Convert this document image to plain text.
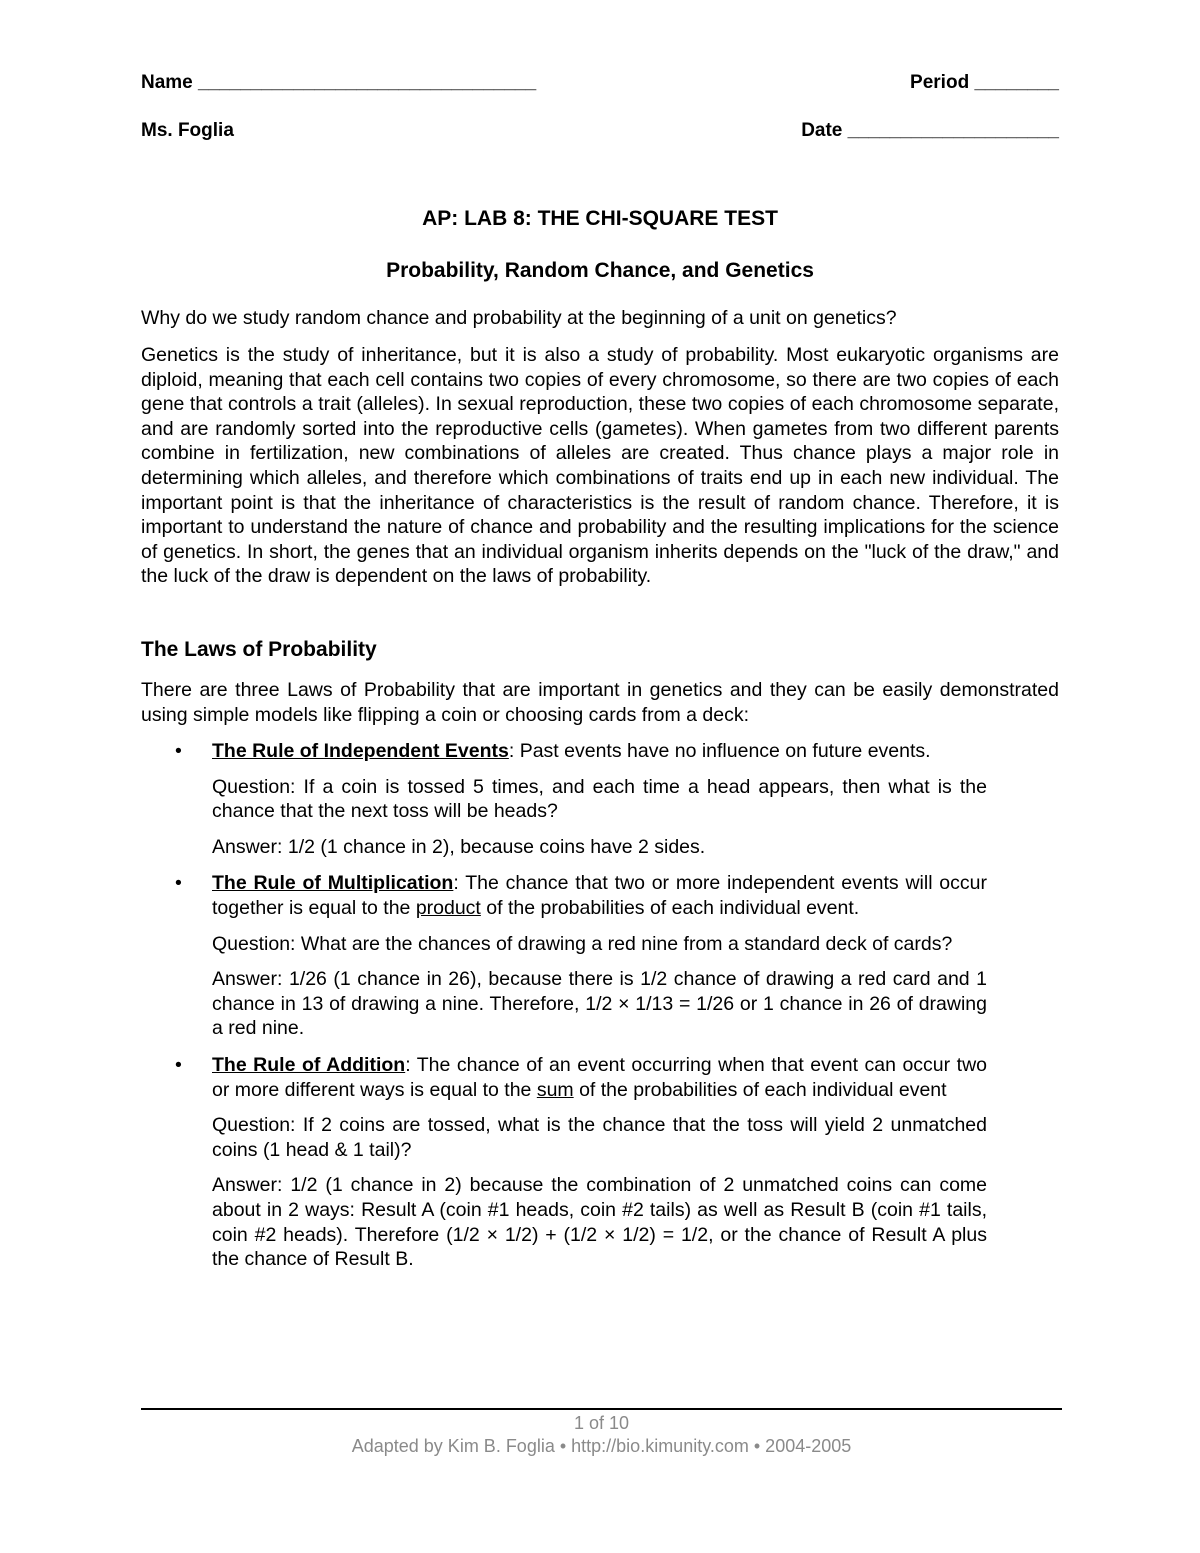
Name ________________________________	Period ________
Ms. Foglia	Date ____________________
AP: LAB 8: THE CHI-SQUARE TEST
Probability, Random Chance, and Genetics
Why do we study random chance and probability at the beginning of a unit on genetics?
Genetics is the study of inheritance, but it is also a study of probability. Most eukaryotic organisms are diploid, meaning that each cell contains two copies of every chromosome, so there are two copies of each gene that controls a trait (alleles). In sexual reproduction, these two copies of each chromosome separate, and are randomly sorted into the reproductive cells (gametes). When gametes from two different parents combine in fertilization, new combinations of alleles are created. Thus chance plays a major role in determining which alleles, and therefore which combinations of traits end up in each new individual. The important point is that the inheritance of characteristics is the result of random chance. Therefore, it is important to understand the nature of chance and probability and the resulting implications for the science of genetics. In short, the genes that an individual organism inherits depends on the "luck of the draw," and the luck of the draw is dependent on the laws of probability.
The Laws of Probability
There are three Laws of Probability that are important in genetics and they can be easily demonstrated using simple models like flipping a coin or choosing cards from a deck:
• The Rule of Independent Events: Past events have no influence on future events.
Question: If a coin is tossed 5 times, and each time a head appears, then what is the chance that the next toss will be heads?
Answer: 1/2 (1 chance in 2), because coins have 2 sides.
• The Rule of Multiplication: The chance that two or more independent events will occur together is equal to the product of the probabilities of each individual event.
Question: What are the chances of drawing a red nine from a standard deck of cards?
Answer: 1/26 (1 chance in 26), because there is 1/2 chance of drawing a red card and 1 chance in 13 of drawing a nine. Therefore, 1/2 × 1/13 = 1/26 or 1 chance in 26 of drawing a red nine.
• The Rule of Addition: The chance of an event occurring when that event can occur two or more different ways is equal to the sum of the probabilities of each individual event
Question: If 2 coins are tossed, what is the chance that the toss will yield 2 unmatched coins (1 head & 1 tail)?
Answer: 1/2 (1 chance in 2) because the combination of 2 unmatched coins can come about in 2 ways: Result A (coin #1 heads, coin #2 tails) as well as Result B (coin #1 tails, coin #2 heads). Therefore (1/2 × 1/2) + (1/2 × 1/2) = 1/2, or the chance of Result A plus the chance of Result B.
1 of 10
Adapted by Kim B. Foglia • http://bio.kimunity.com • 2004-2005
